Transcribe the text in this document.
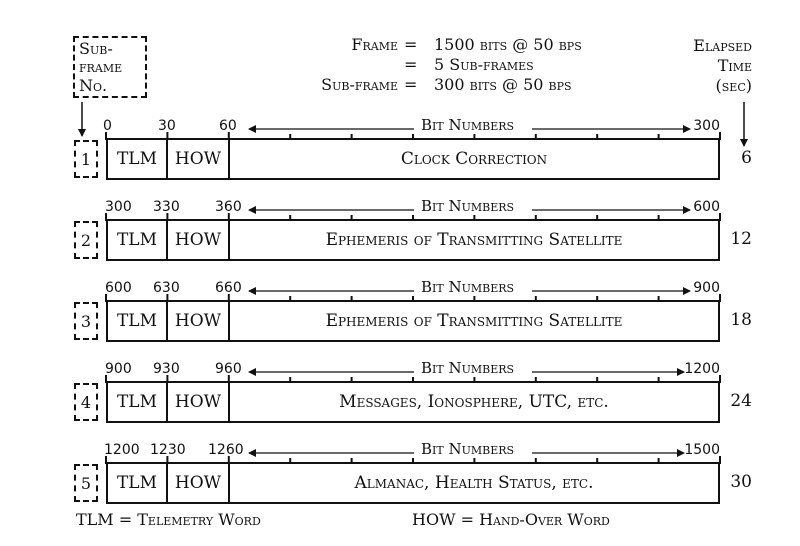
Sub-
frame
No.
Frame = 1500 bits @ 50 bps
= 5 Sub-frames
Sub-frame = 300 bits @ 50 bps
Elapsed
Time
(sec)
0	30	60	300
Bit Numbers
1	TLM	HOW	Clock Correction	6
300 330	360	600
Bit Numbers
2	TLM	HOW	Ephemeris of Transmitting Satellite	12
600 630	660	900
Bit Numbers
3	TLM	HOW	Ephemeris of Transmitting Satellite	18
900 930	960	1200
Bit Numbers
4	TLM	HOW	Messages, Ionosphere, UTC, etc.	24
1200 1230 1260	1500
Bit Numbers
5	TLM	HOW	Almanac, Health Status, etc.	30
TLM = Telemetry Word	HOW = Hand-Over Word
